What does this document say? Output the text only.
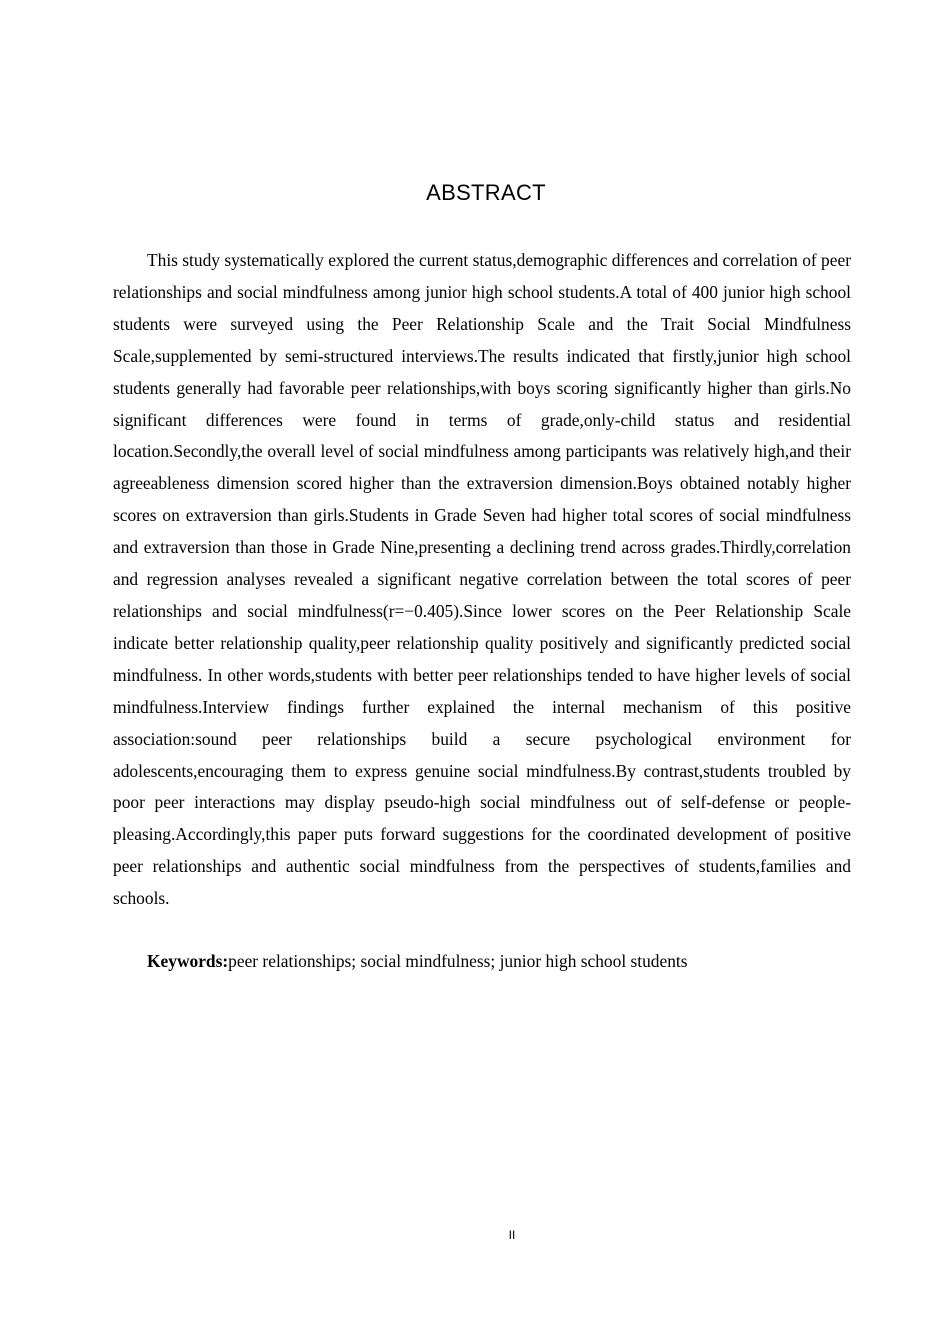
ABSTRACT

This study systematically explored the current status,demographic differences and correlation of peer relationships and social mindfulness among junior high school students.A total of 400 junior high school students were surveyed using the Peer Relationship Scale and the Trait Social Mindfulness Scale,supplemented by semi-structured interviews.The results indicated that firstly,junior high school students generally had favorable peer relationships,with boys scoring significantly higher than girls.No significant differences were found in terms of grade,only-child status and residential location.Secondly,the overall level of social mindfulness among participants was relatively high,and their agreeableness dimension scored higher than the extraversion dimension.Boys obtained notably higher scores on extraversion than girls.Students in Grade Seven had higher total scores of social mindfulness and extraversion than those in Grade Nine,presenting a declining trend across grades.Thirdly,correlation and regression analyses revealed a significant negative correlation between the total scores of peer relationships and social mindfulness(r=−0.405).Since lower scores on the Peer Relationship Scale indicate better relationship quality,peer relationship quality positively and significantly predicted social mindfulness. In other words,students with better peer relationships tended to have higher levels of social mindfulness.Interview findings further explained the internal mechanism of this positive association:sound peer relationships build a secure psychological environment for adolescents,encouraging them to express genuine social mindfulness.By contrast,students troubled by poor peer interactions may display pseudo-high social mindfulness out of self-defense or people-pleasing.Accordingly,this paper puts forward suggestions for the coordinated development of positive peer relationships and authentic social mindfulness from the perspectives of students,families and schools.

Keywords:peer relationships; social mindfulness; junior high school students

II
